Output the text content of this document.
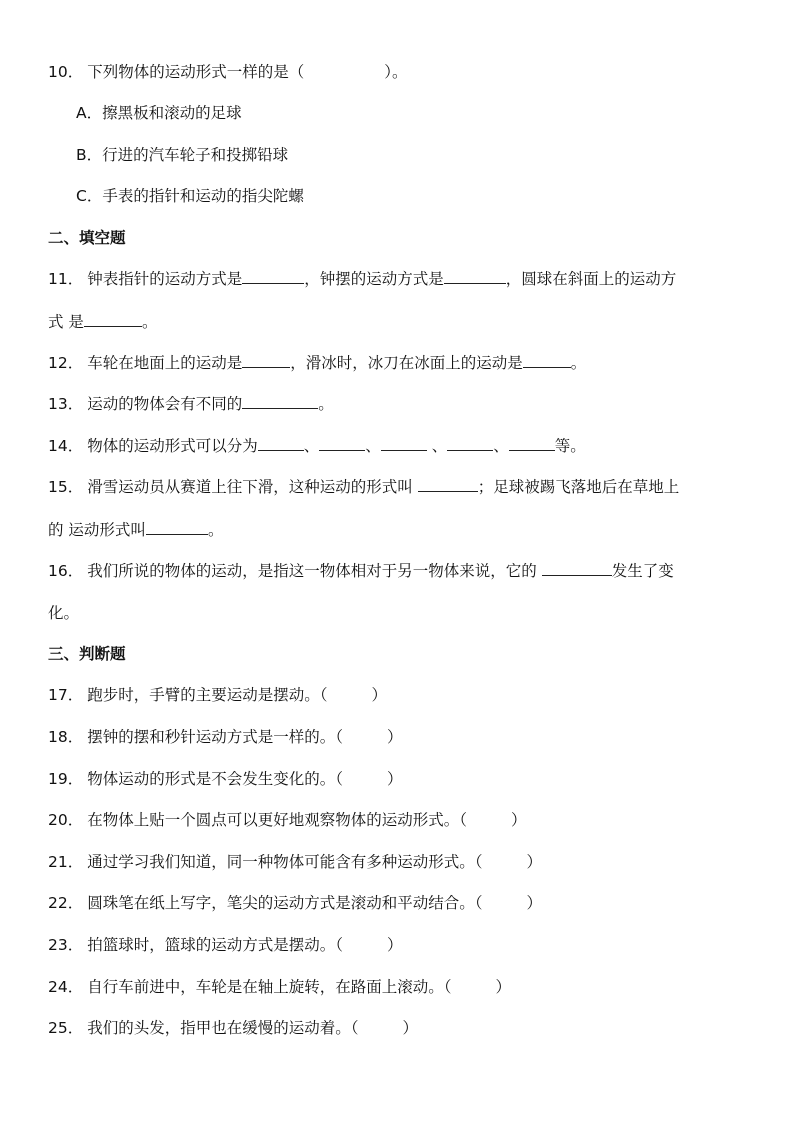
10． 下列物体的运动形式一样的是（	）。
A．擦黑板和滚动的足球
B．行进的汽车轮子和投掷铅球
C．手表的指针和运动的指尖陀螺
二、填空题
11． 钟表指针的运动方式是	，钟摆的运动方式是	，圆球在斜面上的运动方
式 是	。
12． 车轮在地面上的运动是	，滑冰时，冰刀在冰面上的运动是	。
13． 运动的物体会有不同的	。
14． 物体的运动形式可以分为	、	、	、	、	等。
15． 滑雪运动员从赛道上往下滑，这种运动的形式叫	；足球被踢飞落地后在草地上
的 运动形式叫	。
16． 我们所说的物体的运动，是指这一物体相对于另一物体来说，它的	发生了变
化。
三、判断题
17． 跑步时，手臂的主要运动是摆动。（	）
18． 摆钟的摆和秒针运动方式是一样的。（	）
19． 物体运动的形式是不会发生变化的。（	）
20． 在物体上贴一个圆点可以更好地观察物体的运动形式。（	）
21． 通过学习我们知道，同一种物体可能含有多种运动形式。（	）
22． 圆珠笔在纸上写字，笔尖的运动方式是滚动和平动结合。（	）
23． 拍篮球时，篮球的运动方式是摆动。（	）
24． 自行车前进中，车轮是在轴上旋转，在路面上滚动。（	）
25． 我们的头发，指甲也在缓慢的运动着。（	）
